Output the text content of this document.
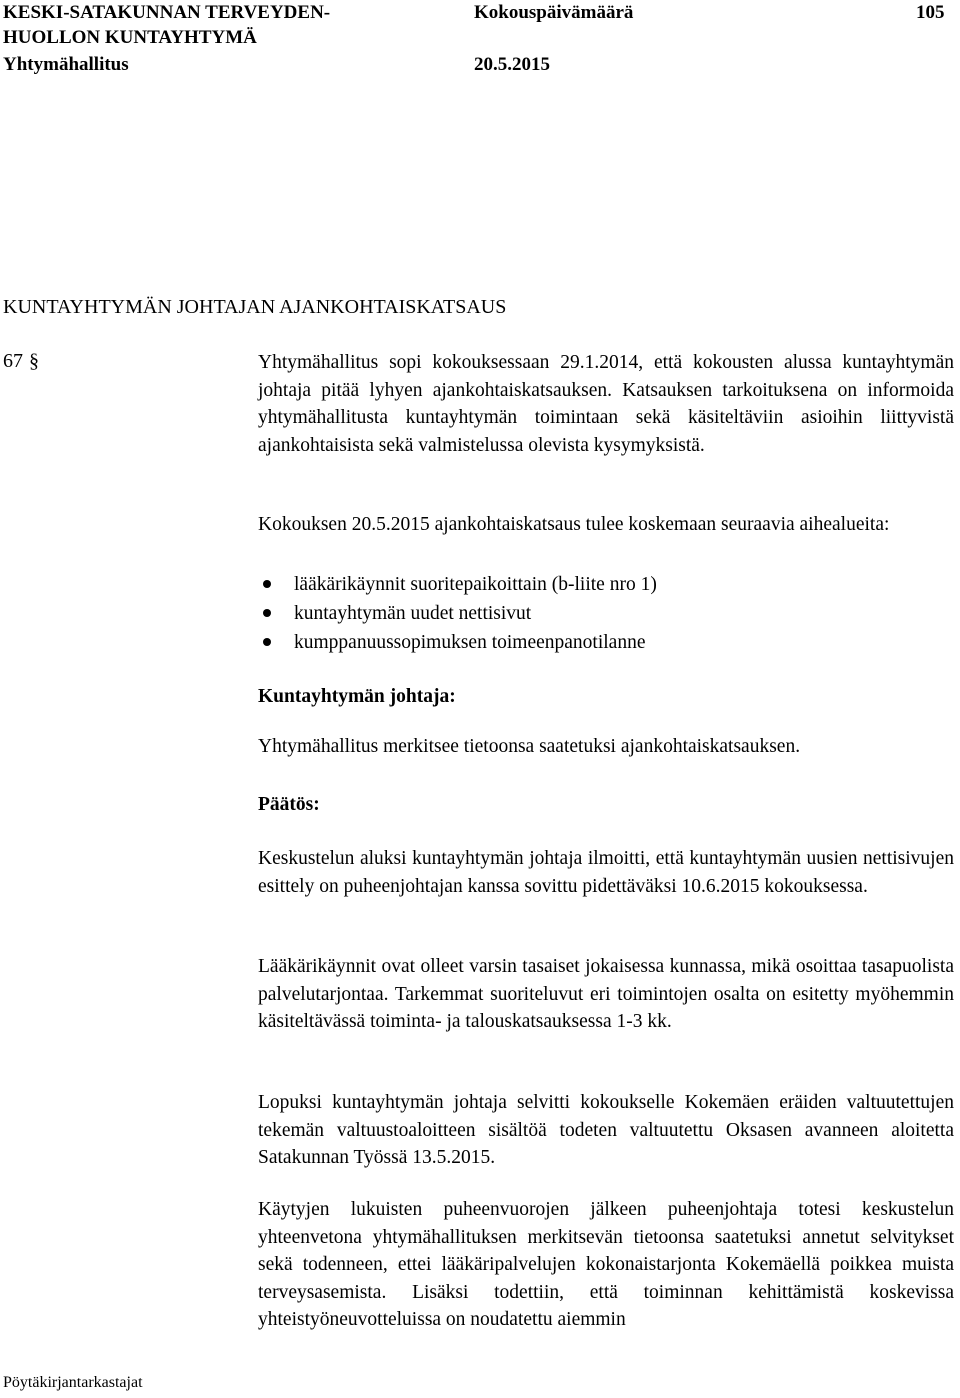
KESKI-SATAKUNNAN TERVEYDEN-
HUOLLON KUNTAYHTYMÄ
Yhtymähallitus
Kokouspäivämäärä
20.5.2015
105
KUNTAYHTYMÄN JOHTAJAN AJANKOHTAISKATSAUS
67 §	Yhtymähallitus sopi kokouksessaan 29.1.2014, että kokousten alussa kuntayhtymän johtaja pitää lyhyen ajankohtaiskatsauksen. Katsauksen tarkoituksena on informoida yhtymähallitusta kuntayhtymän toimintaan sekä käsiteltäviin asioihin liittyvistä ajankohtaisista sekä valmistelussa olevista kysymyksistä.

Kokouksen 20.5.2015 ajankohtaiskatsaus tulee koskemaan seuraavia aihealueita:

lääkärikäynnit suoritepaikoittain (b-liite nro 1)
kuntayhtymän uudet nettisivut
kumppanuussopimuksen toimeenpanotilanne
Kuntayhtymän johtaja:

Yhtymähallitus merkitsee tietoonsa saatetuksi ajankohtaiskatsauksen.

Päätös:

Keskustelun aluksi kuntayhtymän johtaja ilmoitti, että kuntayhtymän uusien nettisivujen esittely on puheenjohtajan kanssa sovittu pidettäväksi 10.6.2015 kokouksessa.

Lääkärikäynnit ovat olleet varsin tasaiset jokaisessa kunnassa, mikä osoittaa tasapuolista palvelutarjontaa. Tarkemmat suoriteluvut eri toimintojen osalta on esitetty myöhemmin käsiteltävässä toiminta- ja talouskatsauksessa 1-3 kk.

Lopuksi kuntayhtymän johtaja selvitti kokoukselle Kokemäen eräiden valtuutettujen tekemän valtuustoaloitteen sisältöä todeten valtuutettu Oksasen avanneen aloitetta Satakunnan Työssä 13.5.2015.

Käytyjen lukuisten puheenvuorojen jälkeen puheenjohtaja totesi keskustelun yhteenvetona yhtymähallituksen merkitsevän tietoonsa saatetuksi annetut selvitykset sekä todenneen, ettei lääkäripalvelujen kokonaistarjonta Kokemäellä poikkea muista terveysasemista. Lisäksi todettiin, että toiminnan kehittämistä koskevissa yhteistyöneuvotteluissa on noudatettu aiemmin

Pöytäkirjantarkastajat
